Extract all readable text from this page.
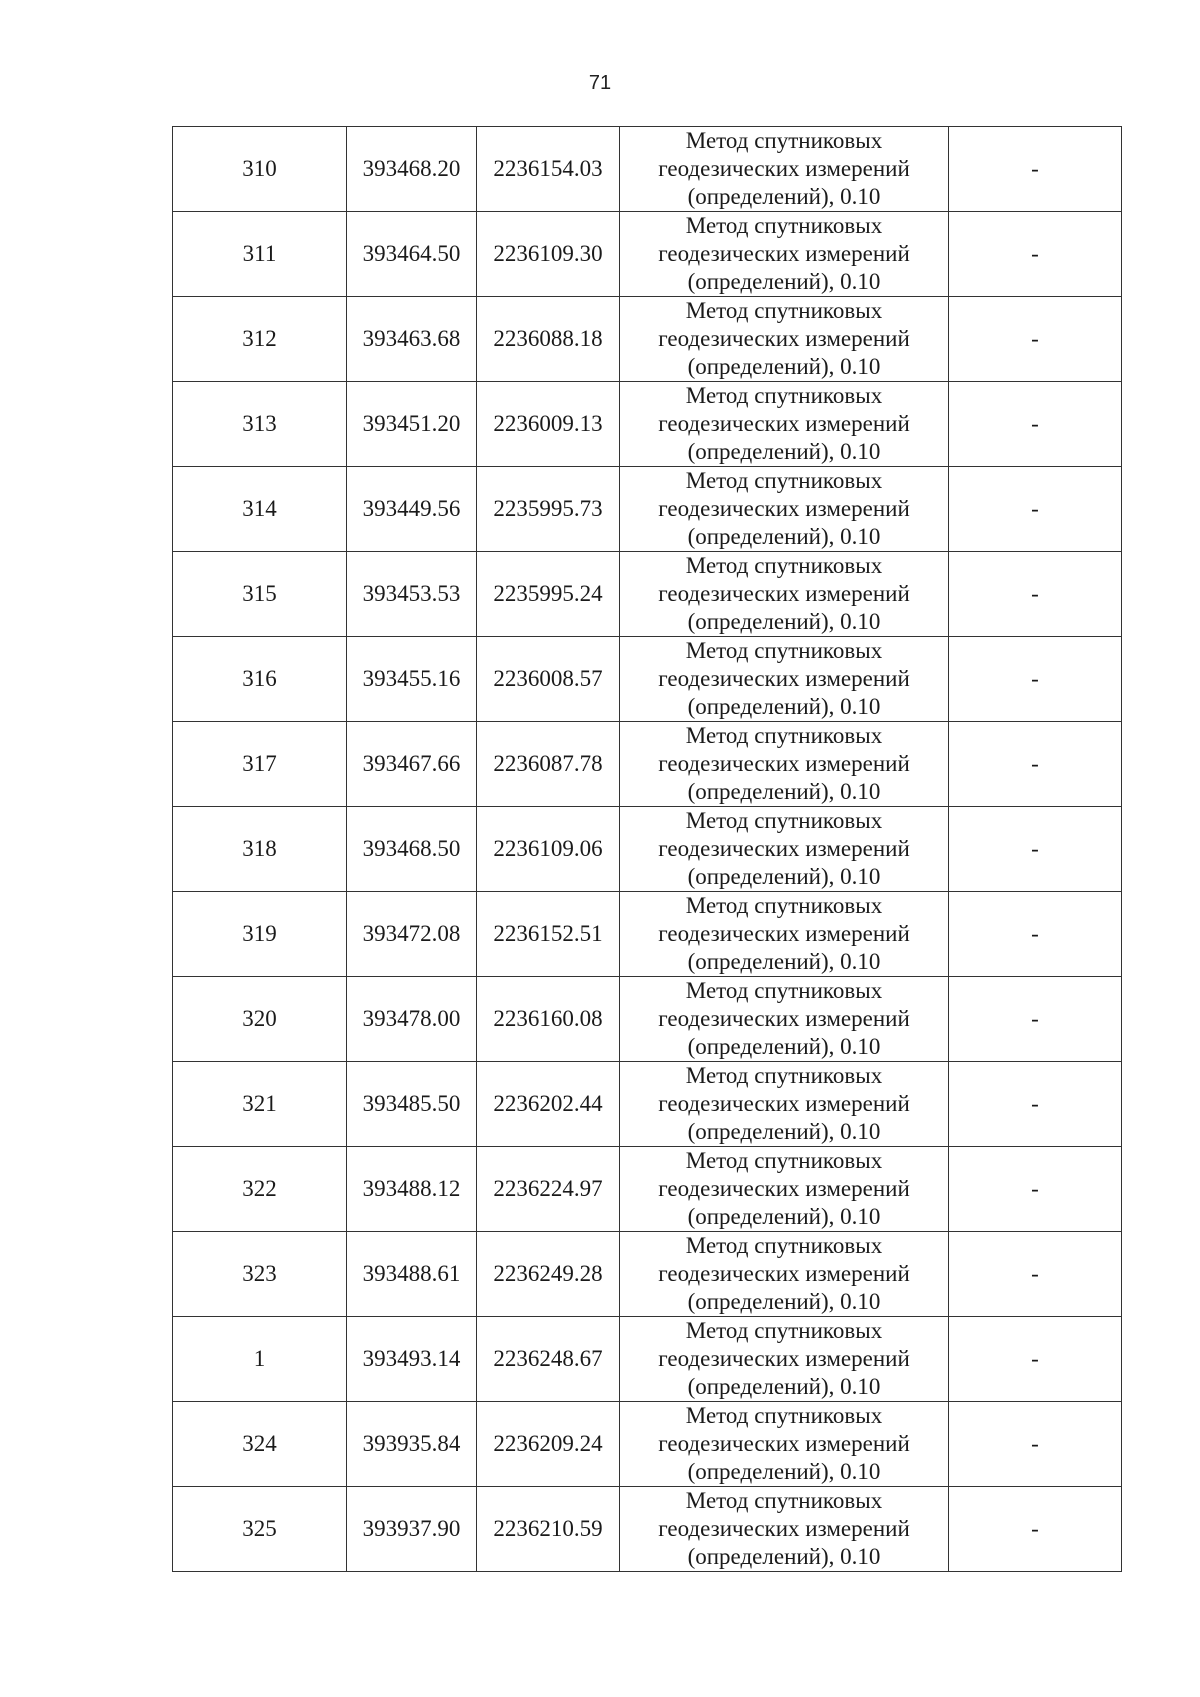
71
310	393468.20	2236154.03	Метод спутниковых
геодезических измерений
(определений), 0.10	-
311	393464.50	2236109.30	Метод спутниковых
геодезических измерений
(определений), 0.10	-
312	393463.68	2236088.18	Метод спутниковых
геодезических измерений
(определений), 0.10	-
313	393451.20	2236009.13	Метод спутниковых
геодезических измерений
(определений), 0.10	-
314	393449.56	2235995.73	Метод спутниковых
геодезических измерений
(определений), 0.10	-
315	393453.53	2235995.24	Метод спутниковых
геодезических измерений
(определений), 0.10	-
316	393455.16	2236008.57	Метод спутниковых
геодезических измерений
(определений), 0.10	-
317	393467.66	2236087.78	Метод спутниковых
геодезических измерений
(определений), 0.10	-
318	393468.50	2236109.06	Метод спутниковых
геодезических измерений
(определений), 0.10	-
319	393472.08	2236152.51	Метод спутниковых
геодезических измерений
(определений), 0.10	-
320	393478.00	2236160.08	Метод спутниковых
геодезических измерений
(определений), 0.10	-
321	393485.50	2236202.44	Метод спутниковых
геодезических измерений
(определений), 0.10	-
322	393488.12	2236224.97	Метод спутниковых
геодезических измерений
(определений), 0.10	-
323	393488.61	2236249.28	Метод спутниковых
геодезических измерений
(определений), 0.10	-
1	393493.14	2236248.67	Метод спутниковых
геодезических измерений
(определений), 0.10	-
324	393935.84	2236209.24	Метод спутниковых
геодезических измерений
(определений), 0.10	-
325	393937.90	2236210.59	Метод спутниковых
геодезических измерений
(определений), 0.10	-
